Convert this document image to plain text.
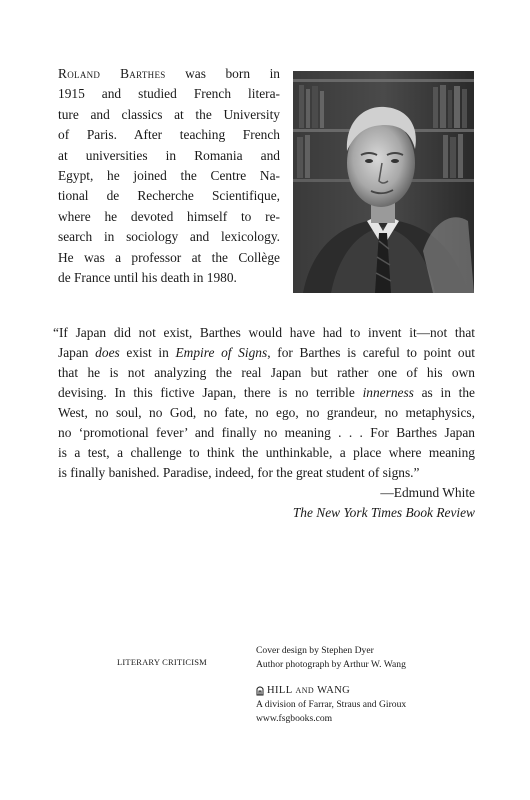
Roland Barthes was born in
1915 and studied French litera-
ture and classics at the University
of Paris. After teaching French
at universities in Romania and
Egypt, he joined the Centre Na-
tional de Recherche Scientifique,
where he devoted himself to re-
search in sociology and lexicology.
He was a professor at the Collège
de France until his death in 1980.
“If Japan did not exist, Barthes would have had to invent it—not that
Japan does exist in Empire of Signs, for Barthes is careful to point out
that he is not analyzing the real Japan but rather one of his own
devising. In this fictive Japan, there is no terrible innerness as in the
West, no soul, no God, no fate, no ego, no grandeur, no metaphysics,
no ‘promotional fever’ and finally no meaning . . . For Barthes Japan
is a test, a challenge to think the unthinkable, a place where meaning
is finally banished. Paradise, indeed, for the great student of signs.”
—Edmund White
The New York Times Book Review
LITERARY CRITICISM
Cover design by Stephen Dyer
Author photograph by Arthur W. Wang
HILL AND WANG
A division of Farrar, Straus and Giroux
www.fsgbooks.com
